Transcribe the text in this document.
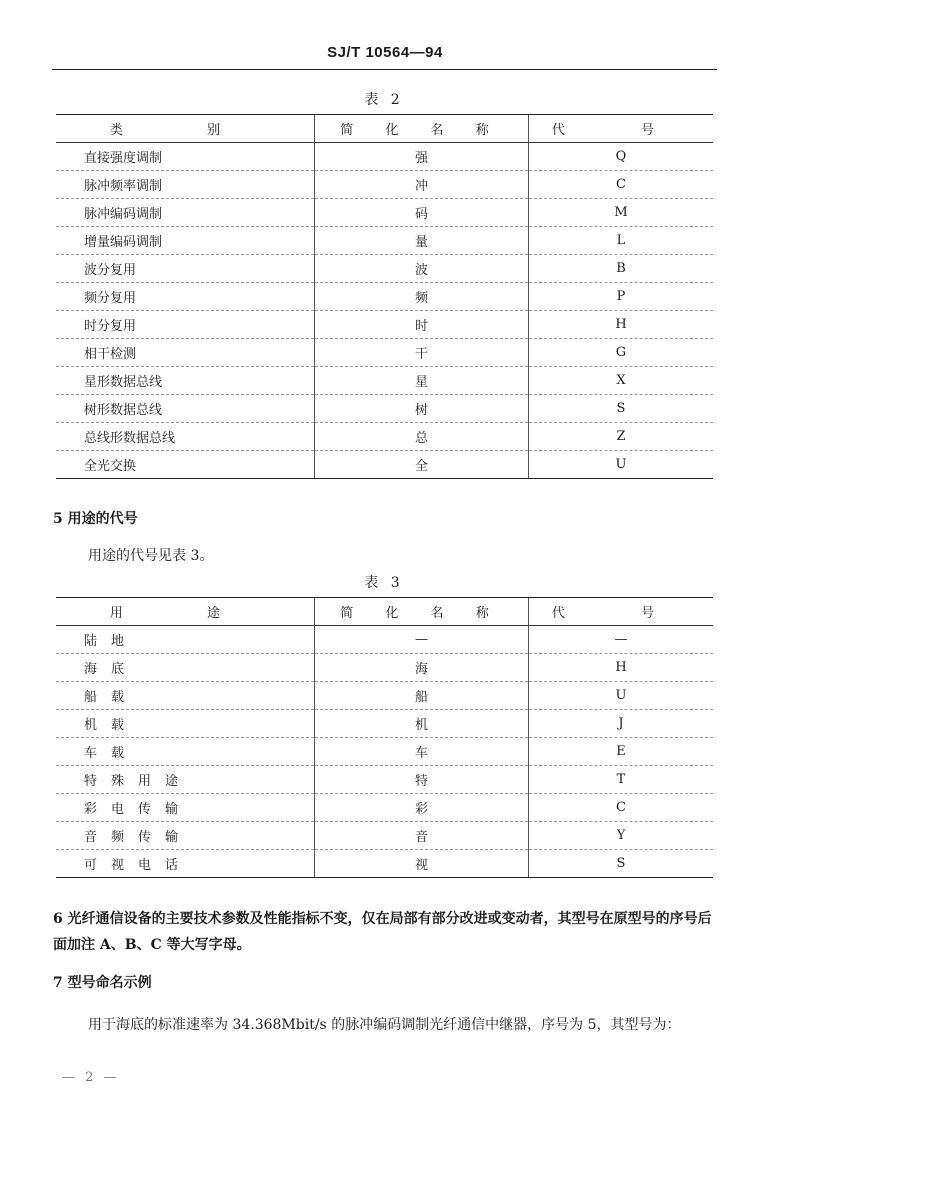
SJ/T 10564—94
表 2
类 别	简 化 名 称	代 号
直接强度调制	强	Q
脉冲频率调制	冲	C
脉冲编码调制	码	M
增量编码调制	量	L
波分复用	波	B
频分复用	频	P
时分复用	时	H
相干检测	干	G
星形数据总线	星	X
树形数据总线	树	S
总线形数据总线	总	Z
全光交换	全	U
5 用途的代号
用途的代号见表 3。
表 3
用 途	简 化 名 称	代 号
陆地	—	—
海底	海	H
船载	船	U
机载	机	J
车载	车	E
特殊用途	特	T
彩电传输	彩	C
音频传输	音	Y
可视电话	视	S
6 光纤通信设备的主要技术参数及性能指标不变，仅在局部有部分改进或变动者，其型号在原型号的序号后面加注 A、B、C 等大写字母。
7 型号命名示例
用于海底的标准速率为 34.368Mbit/s 的脉冲编码调制光纤通信中继器，序号为 5，其型号为：
— 2 —
